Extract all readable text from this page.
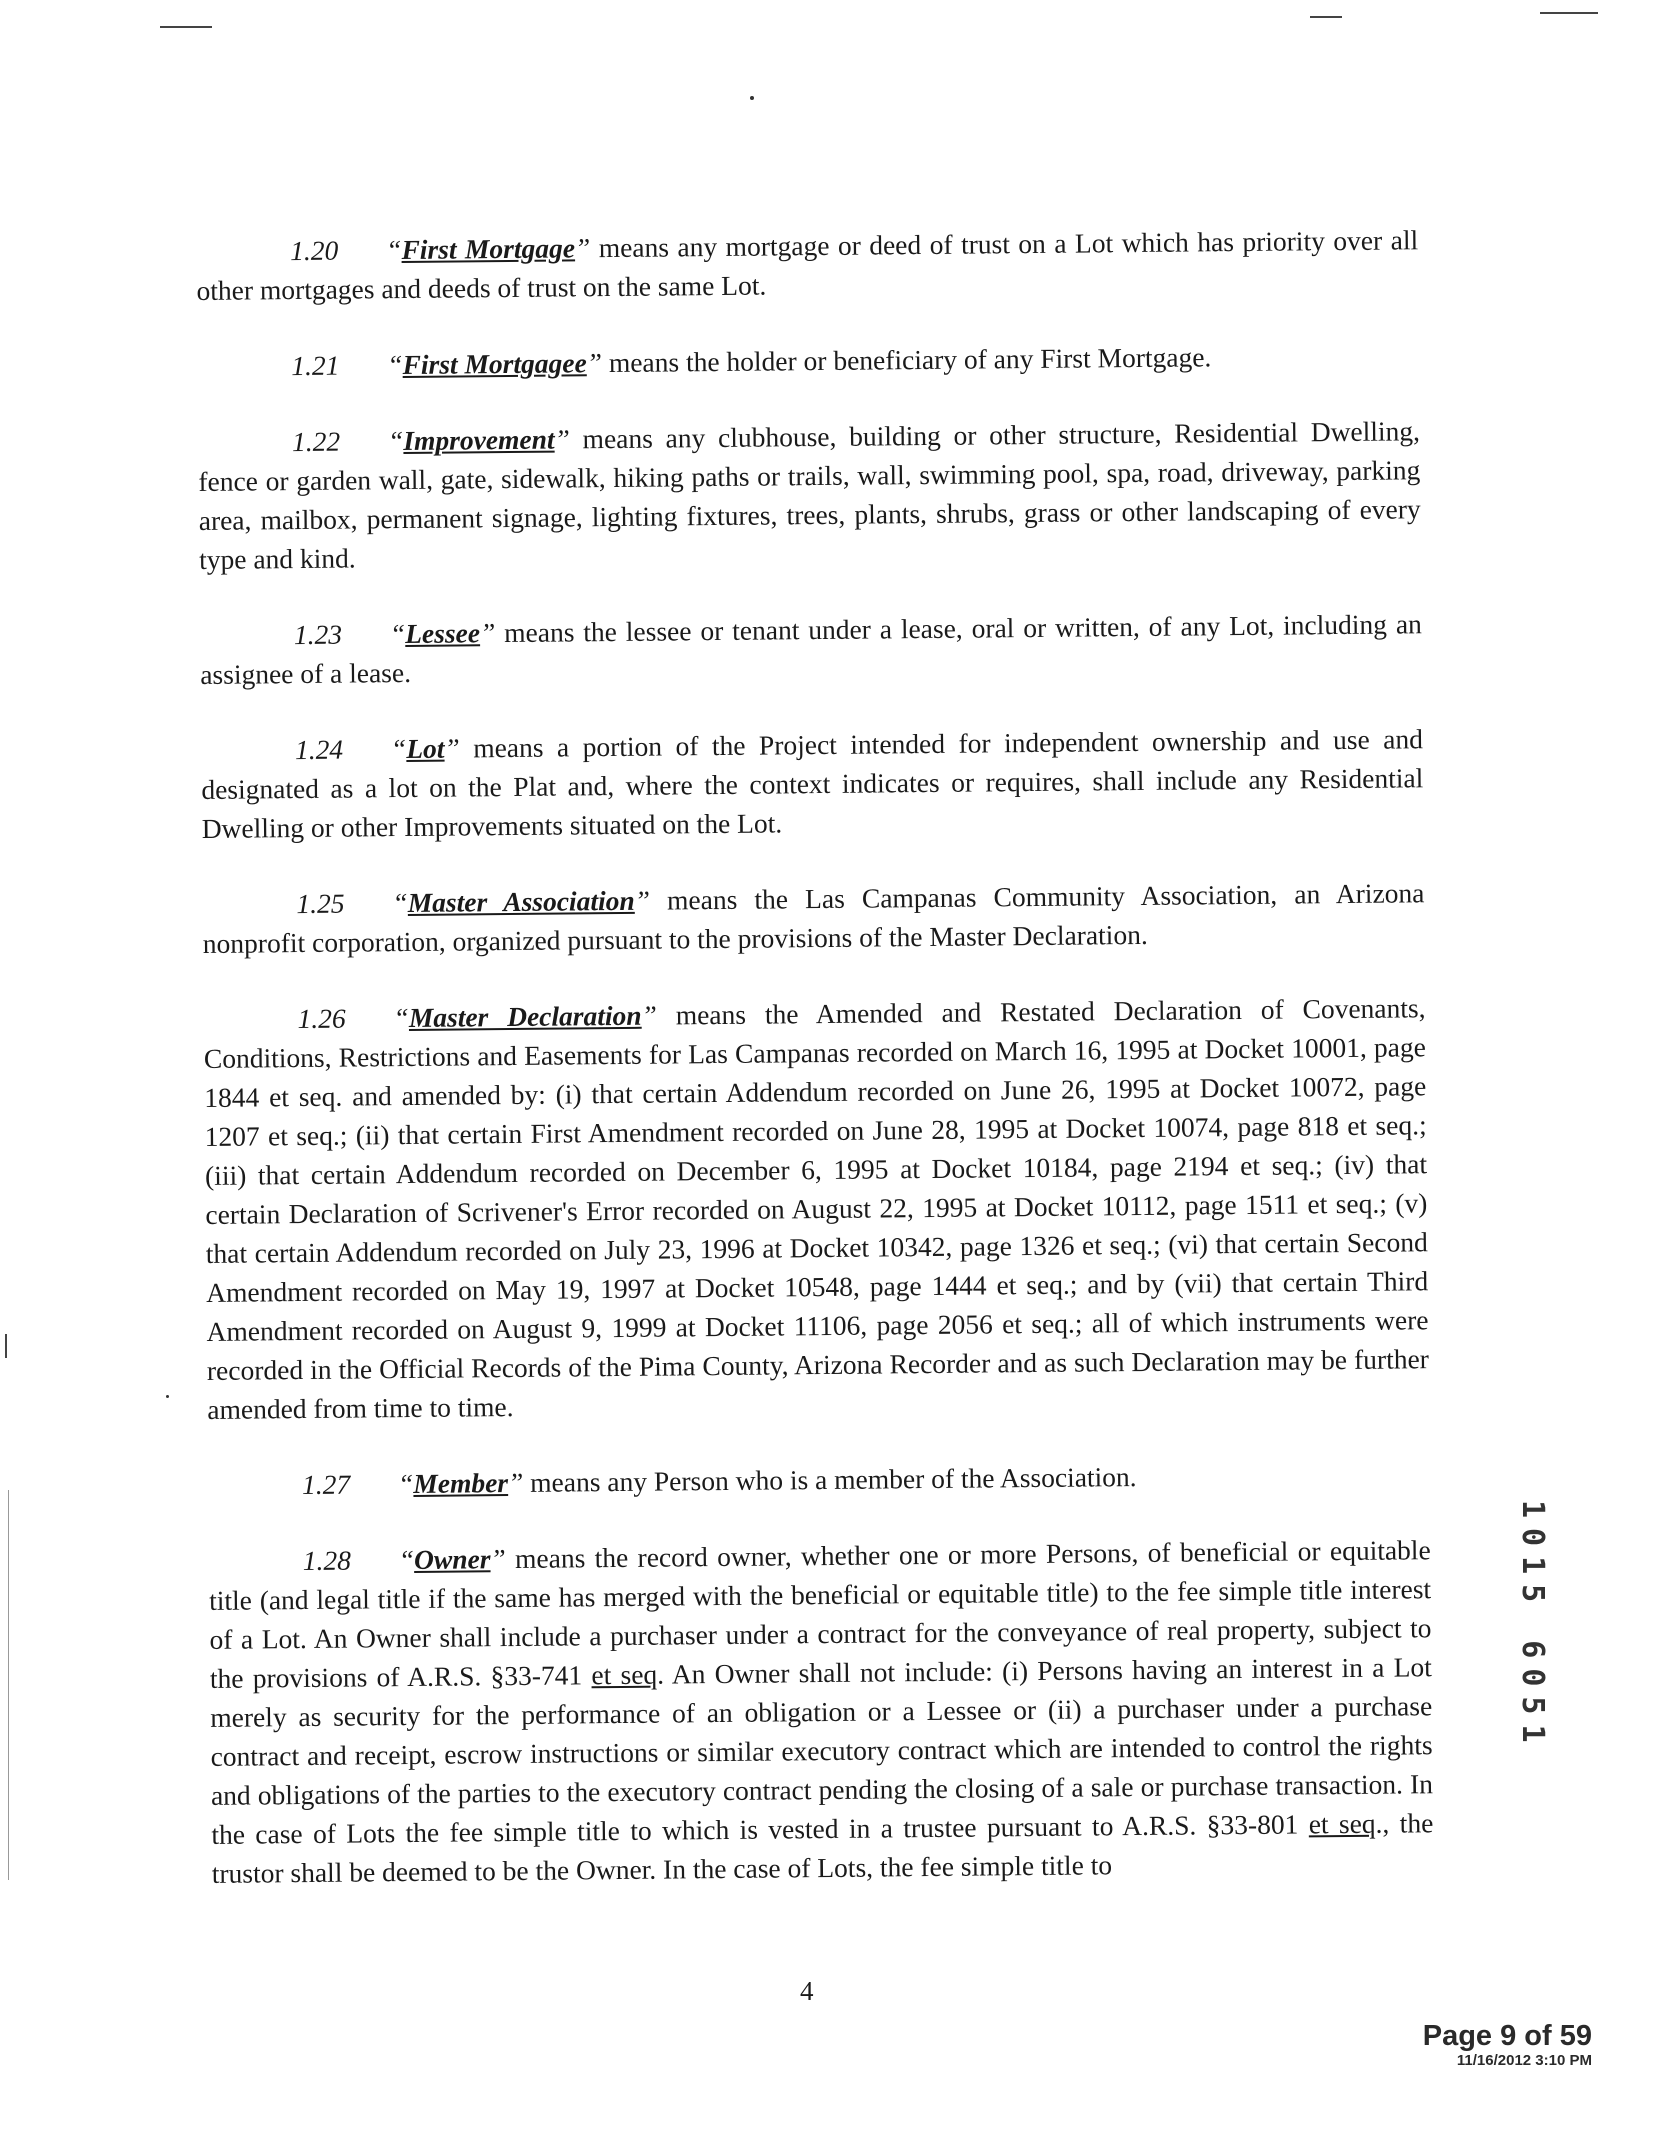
1.20 “First Mortgage” means any mortgage or deed of trust on a Lot which has priority over all other mortgages and deeds of trust on the same Lot.

1.21 “First Mortgagee” means the holder or beneficiary of any First Mortgage.

1.22 “Improvement” means any clubhouse, building or other structure, Residential Dwelling, fence or garden wall, gate, sidewalk, hiking paths or trails, wall, swimming pool, spa, road, driveway, parking area, mailbox, permanent signage, lighting fixtures, trees, plants, shrubs, grass or other landscaping of every type and kind.

1.23 “Lessee” means the lessee or tenant under a lease, oral or written, of any Lot, including an assignee of a lease.

1.24 “Lot” means a portion of the Project intended for independent ownership and use and designated as a lot on the Plat and, where the context indicates or requires, shall include any Residential Dwelling or other Improvements situated on the Lot.

1.25 “Master Association” means the Las Campanas Community Association, an Arizona nonprofit corporation, organized pursuant to the provisions of the Master Declaration.

1.26 “Master Declaration” means the Amended and Restated Declaration of Covenants, Conditions, Restrictions and Easements for Las Campanas recorded on March 16, 1995 at Docket 10001, page 1844 et seq. and amended by: (i) that certain Addendum recorded on June 26, 1995 at Docket 10072, page 1207 et seq.; (ii) that certain First Amendment recorded on June 28, 1995 at Docket 10074, page 818 et seq.; (iii) that certain Addendum recorded on December 6, 1995 at Docket 10184, page 2194 et seq.; (iv) that certain Declaration of Scrivener's Error recorded on August 22, 1995 at Docket 10112, page 1511 et seq.; (v) that certain Addendum recorded on July 23, 1996 at Docket 10342, page 1326 et seq.; (vi) that certain Second Amendment recorded on May 19, 1997 at Docket 10548, page 1444 et seq.; and by (vii) that certain Third Amendment recorded on August 9, 1999 at Docket 11106, page 2056 et seq.; all of which instruments were recorded in the Official Records of the Pima County, Arizona Recorder and as such Declaration may be further amended from time to time.

1.27 “Member” means any Person who is a member of the Association.

1.28 “Owner” means the record owner, whether one or more Persons, of beneficial or equitable title (and legal title if the same has merged with the beneficial or equitable title) to the fee simple title interest of a Lot. An Owner shall include a purchaser under a contract for the conveyance of real property, subject to the provisions of A.R.S. §33-741 et seq. An Owner shall not include: (i) Persons having an interest in a Lot merely as security for the performance of an obligation or a Lessee or (ii) a purchaser under a purchase contract and receipt, escrow instructions or similar executory contract which are intended to control the rights and obligations of the parties to the executory contract pending the closing of a sale or purchase transaction. In the case of Lots the fee simple title to which is vested in a trustee pursuant to A.R.S. §33-801 et seq., the trustor shall be deemed to be the Owner. In the case of Lots, the fee simple title to

4
1015 6051
Page 9 of 59
11/16/2012 3:10 PM
